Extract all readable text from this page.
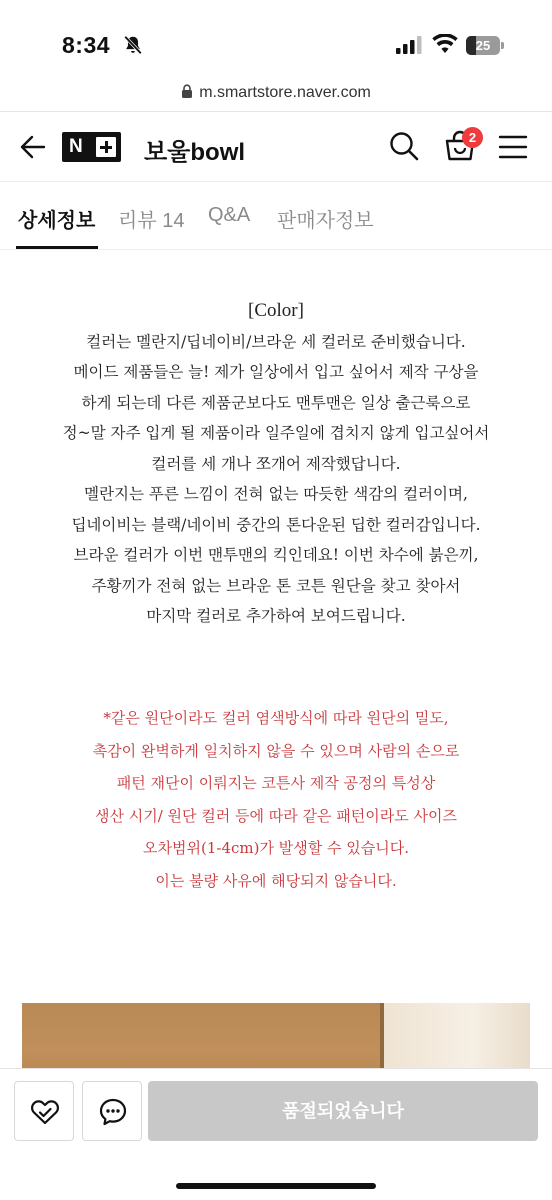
8:34	25
m.smartstore.naver.com
N	보울bowl
2
상세정보 리뷰 14 Q&A 판매자정보
[Color]
컬러는 멜란지/딥네이비/브라운 세 컬러로 준비했습니다.
메이드 제품들은 늘! 제가 일상에서 입고 싶어서 제작 구상을
하게 되는데 다른 제품군보다도 맨투맨은 일상 출근룩으로
정~말 자주 입게 될 제품이라 일주일에 겹치지 않게 입고싶어서
컬러를 세 개나 쪼개어 제작했답니다.
멜란지는 푸른 느낌이 전혀 없는 따듯한 색감의 컬러이며,
딥네이비는 블랙/네이비 중간의 톤다운된 딥한 컬러감입니다.
브라운 컬러가 이번 맨투맨의 킥인데요! 이번 차수에 붉은끼,
주황끼가 전혀 없는 브라운 톤 코튼 원단을 찾고 찾아서
마지막 컬러로 추가하여 보여드립니다.
*같은 원단이라도 컬러 염색방식에 따라 원단의 밀도,
촉감이 완벽하게 일치하지 않을 수 있으며 사람의 손으로
패턴 재단이 이뤄지는 코튼사 제작 공정의 특성상
생산 시기/ 원단 컬러 등에 따라 같은 패턴이라도 사이즈
오차범위(1-4cm)가 발생할 수 있습니다.
이는 불량 사유에 해당되지 않습니다.
품절되었습니다
